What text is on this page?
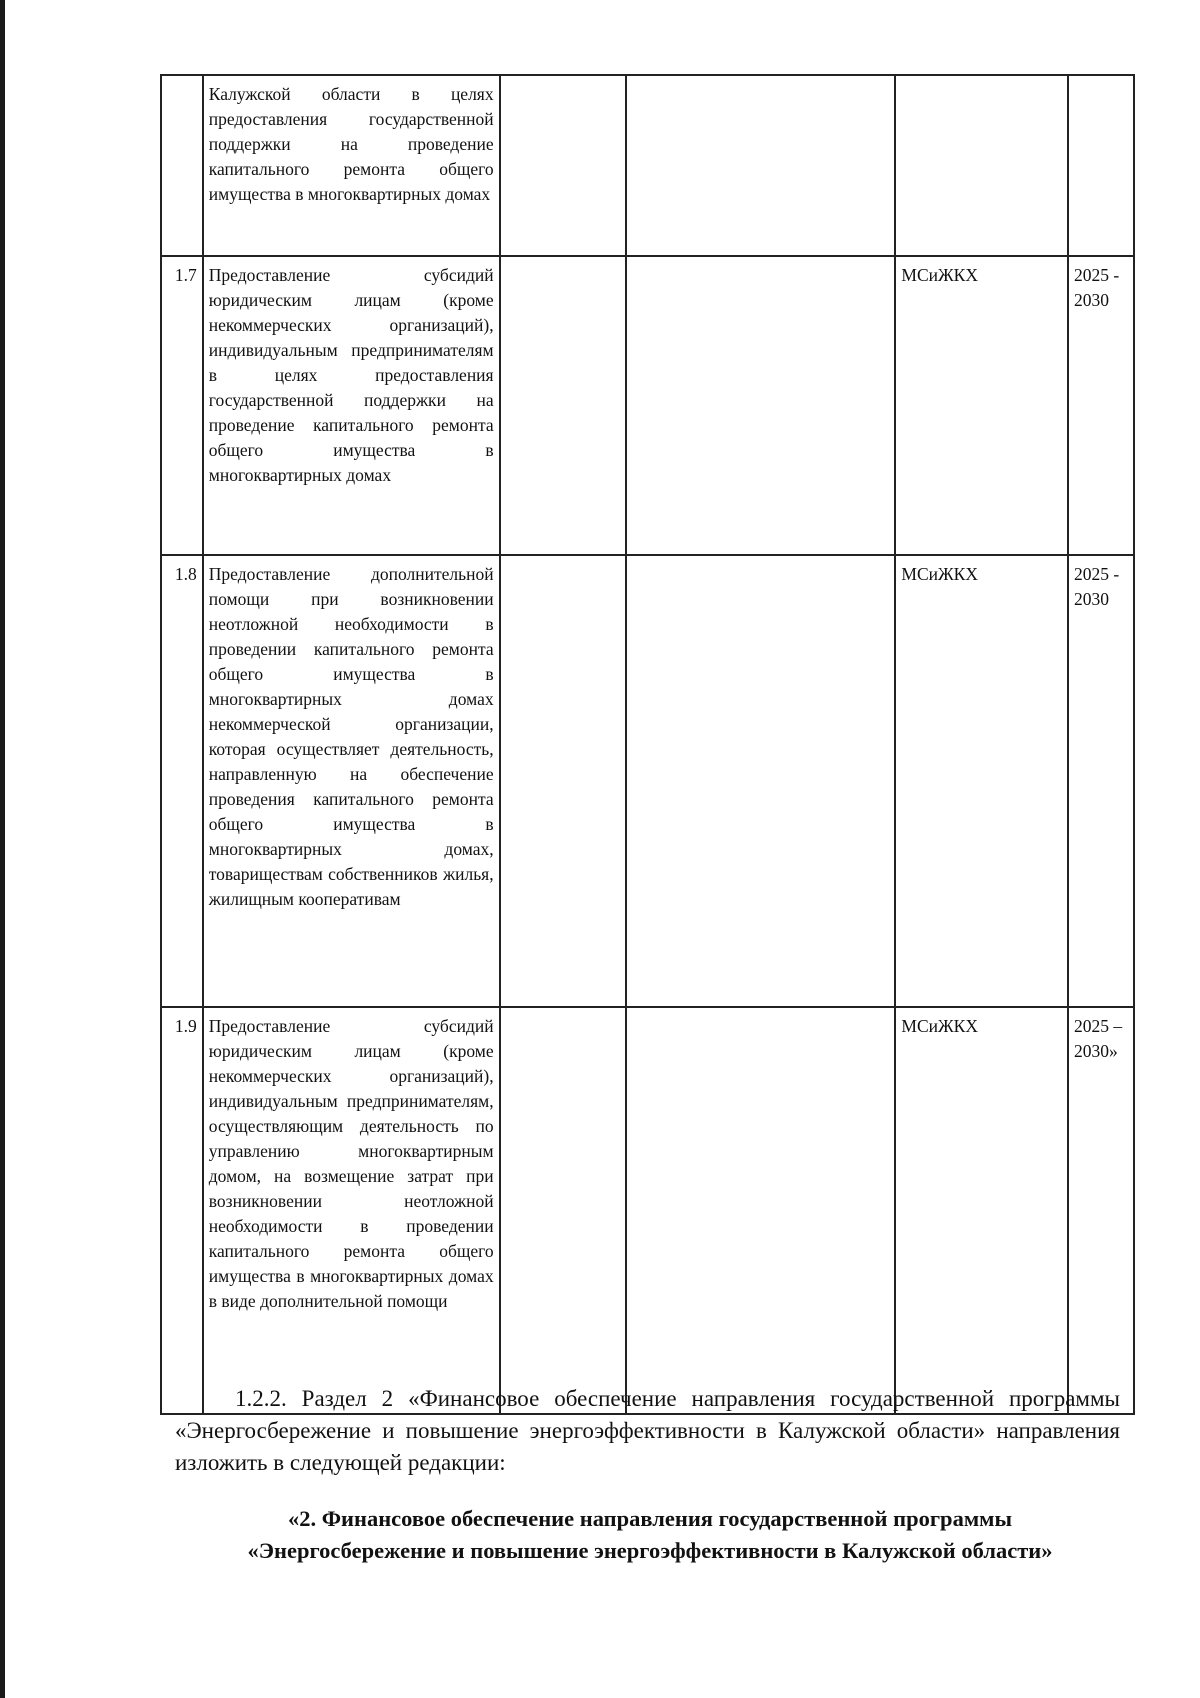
	Калужской области в целях предоставления государственной поддержки на проведение капитального ремонта общего имущества в многоквартирных домах				
1.7	Предоставление субсидий юридическим лицам (кроме некоммерческих организаций), индивидуальным предпринимателям в целях предоставления государственной поддержки на проведение капитального ремонта общего имущества в многоквартирных домах			МСиЖКХ	2025 - 2030
1.8	Предоставление дополнительной помощи при возникновении неотложной необходимости в проведении капитального ремонта общего имущества в многоквартирных домах некоммерческой организации, которая осуществляет деятельность, направленную на обеспечение проведения капитального ремонта общего имущества в многоквартирных домах, товариществам собственников жилья, жилищным кооперативам			МСиЖКХ	2025 - 2030
1.9	Предоставление субсидий юридическим лицам (кроме некоммерческих организаций), индивидуальным предпринимателям, осуществляющим деятельность по управлению многоквартирным домом, на возмещение затрат при возникновении неотложной необходимости в проведении капитального ремонта общего имущества в многоквартирных домах в виде дополнительной помощи			МСиЖКХ	2025 – 2030»

1.2.2. Раздел 2 «Финансовое обеспечение направления государственной программы «Энергосбережение и повышение энергоэффективности в Калужской области» направления изложить в следующей редакции:

«2. Финансовое обеспечение направления государственной программы
«Энергосбережение и повышение энергоэффективности в Калужской области»
